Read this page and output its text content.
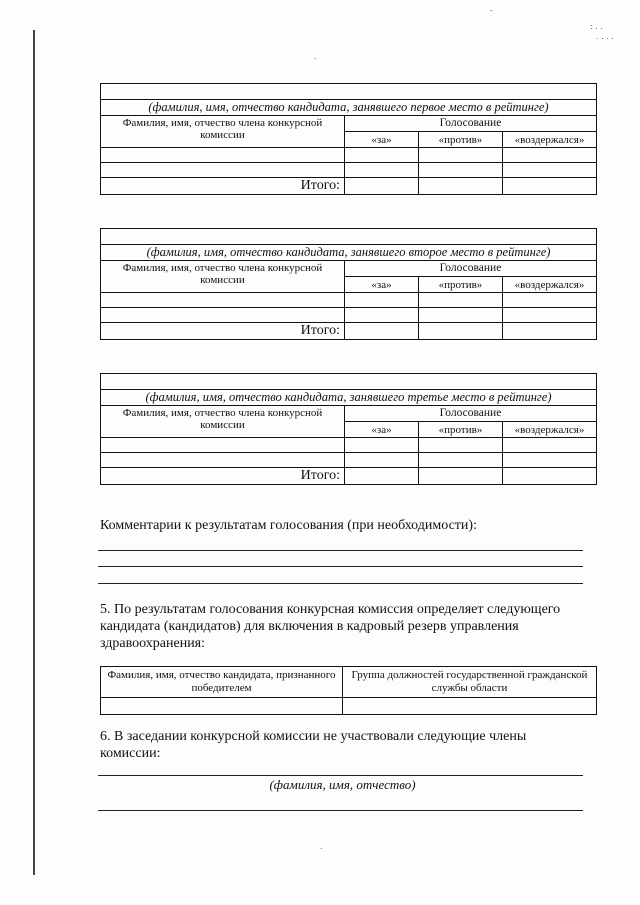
-
: . .
. . . .
.

(фамилия, имя, отчество кандидата, занявшего первое место в рейтинге)			
Фамилия, имя, отчество члена конкурсной комиссии	Голосование		
	«за»	«против»	«воздержался»

Итого:			

(фамилия, имя, отчество кандидата, занявшего второе место в рейтинге)			
Фамилия, имя, отчество члена конкурсной комиссии	Голосование		
	«за»	«против»	«воздержался»

Итого:			

(фамилия, имя, отчество кандидата, занявшего третье место в рейтинге)			
Фамилия, имя, отчество члена конкурсной комиссии	Голосование		
	«за»	«против»	«воздержался»

Итого:			
Комментарии к результатам голосования (при необходимости):
5. По результатам голосования конкурсная комиссия определяет следующего кандидата (кандидатов) для включения в кадровый резерв управления здравоохранения:
Фамилия, имя, отчество кандидата, признанного победителем	Группа должностей государственной гражданской службы области

6. В заседании конкурсной комиссии не участвовали следующие члены комиссии:
(фамилия, имя, отчество)
.
